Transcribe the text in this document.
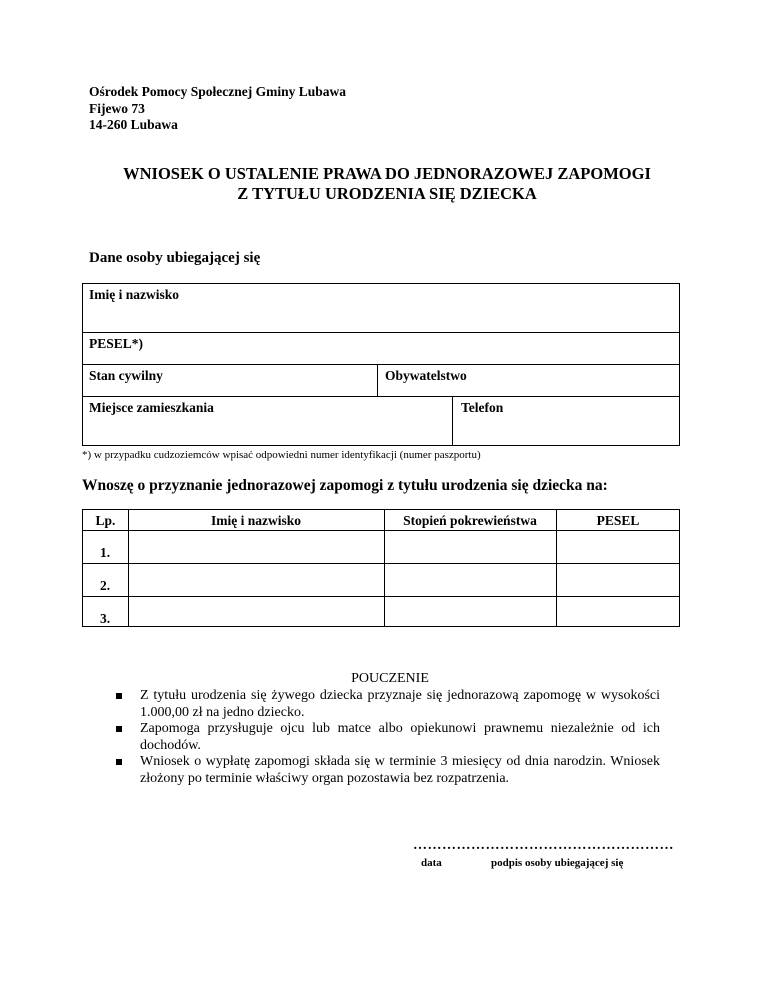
Ośrodek Pomocy Społecznej Gminy Lubawa
Fijewo 73
14-260 Lubawa
WNIOSEK O USTALENIE PRAWA DO JEDNORAZOWEJ ZAPOMOGI
Z TYTUŁU URODZENIA SIĘ DZIECKA
Dane osoby ubiegającej się
Imię i nazwisko
PESEL*)
Stan cywilny	Obywatelstwo
Miejsce zamieszkania	Telefon
*) w przypadku cudzoziemców wpisać odpowiedni numer identyfikacji (numer paszportu)
Wnoszę o przyznanie jednorazowej zapomogi z tytułu urodzenia się dziecka na:
Lp.	Imię i nazwisko	Stopień pokrewieństwa	PESEL
1.
2.
3.
POUCZENIE
Z tytułu urodzenia się żywego dziecka przyznaje się jednorazową zapomogę w wysokości 1.000,00 zł na jedno dziecko.
Zapomoga przysługuje ojcu lub matce albo opiekunowi prawnemu niezależnie od ich dochodów.
Wniosek o wypłatę zapomogi składa się w terminie 3 miesięcy od dnia narodzin. Wniosek złożony po terminie właściwy organ pozostawia bez rozpatrzenia.
………………………………………………
data	podpis osoby ubiegającej się
